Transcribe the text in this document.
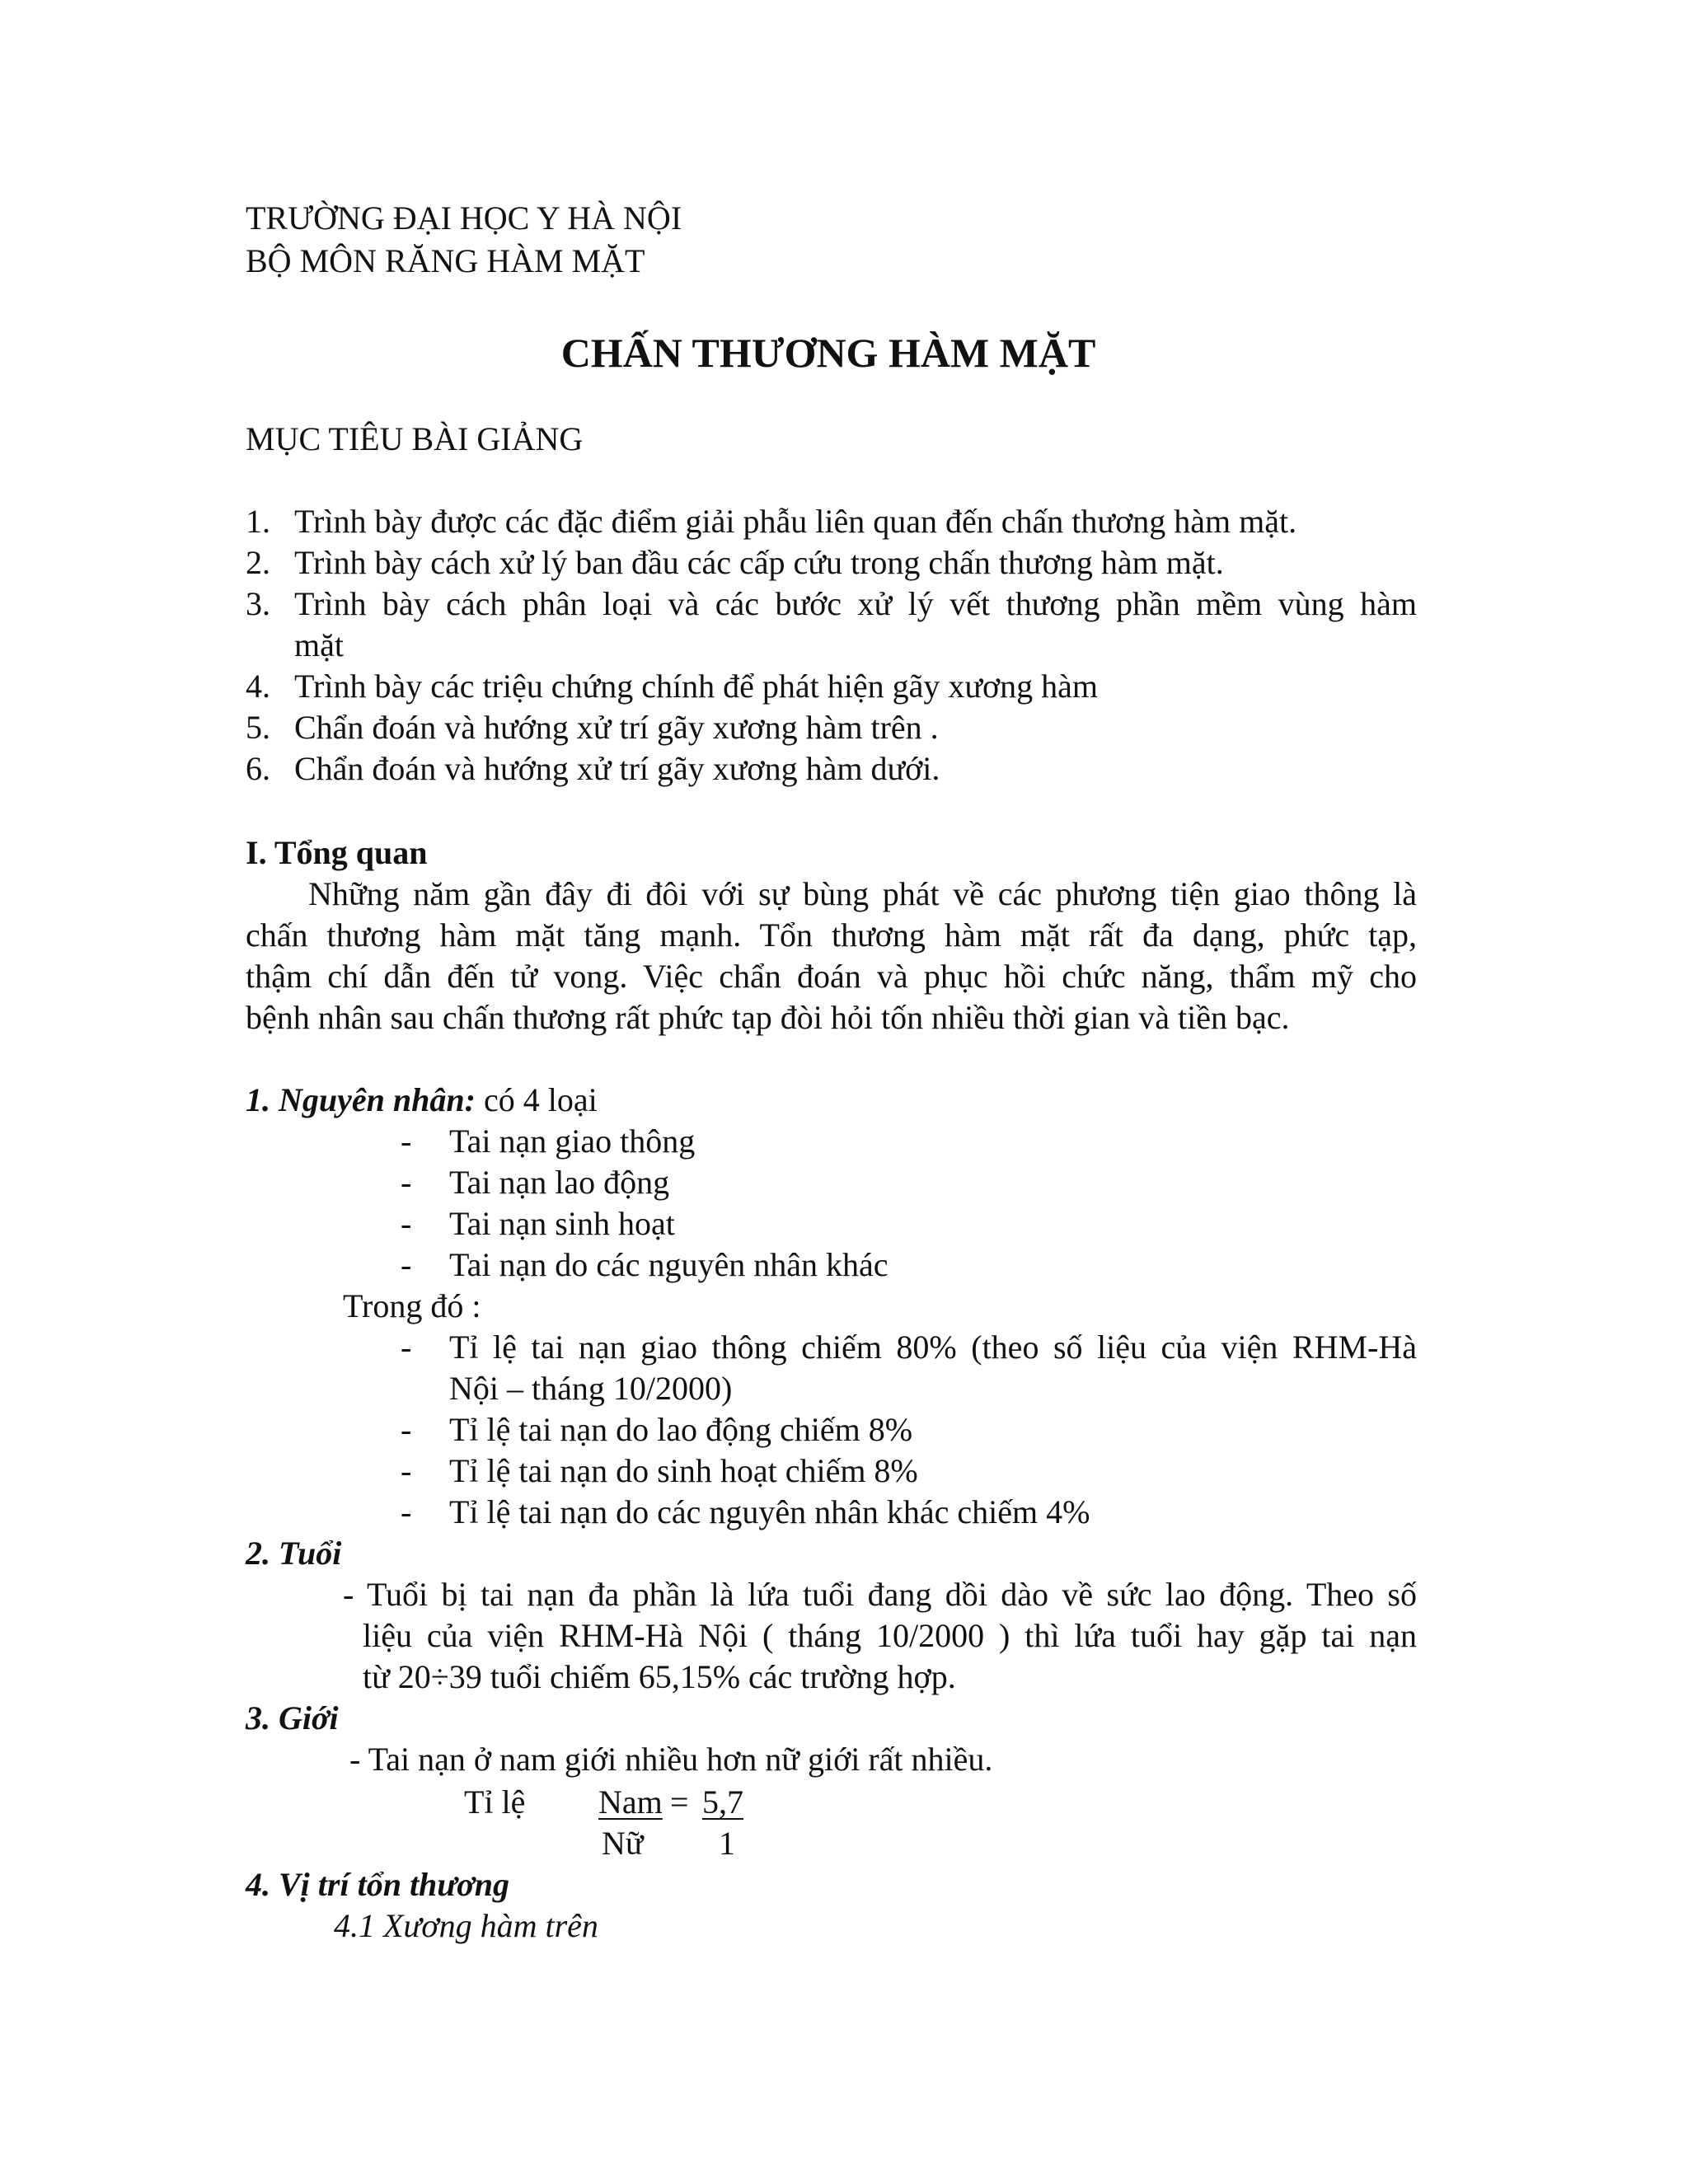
TRƯỜNG ĐẠI HỌC Y HÀ NỘI
BỘ MÔN RĂNG HÀM MẶT
CHẤN THƯƠNG HÀM MẶT
MỤC TIÊU BÀI GIẢNG
1. Trình bày được các đặc điểm giải phẫu liên quan đến chấn thương hàm mặt.
2. Trình bày cách xử lý ban đầu các cấp cứu trong chấn thương hàm mặt.
3. Trình bày cách phân loại và các bước xử lý vết thương phần mềm vùng hàm
mặt
4. Trình bày các triệu chứng chính để phát hiện gãy xương hàm
5. Chẩn đoán và hướng xử trí gãy xương hàm trên .
6. Chẩn đoán và hướng xử trí gãy xương hàm dưới.
I. Tổng quan
Những năm gần đây đi đôi với sự bùng phát về các phương tiện giao thông là
chấn thương hàm mặt tăng mạnh. Tổn thương hàm mặt rất đa dạng, phức tạp,
thậm chí dẫn đến tử vong. Việc chẩn đoán và phục hồi chức năng, thẩm mỹ cho
bệnh nhân sau chấn thương rất phức tạp đòi hỏi tốn nhiều thời gian và tiền bạc.
1. Nguyên nhân: có 4 loại
- Tai nạn giao thông
- Tai nạn lao động
- Tai nạn sinh hoạt
- Tai nạn do các nguyên nhân khác
Trong đó :
- Tỉ lệ tai nạn giao thông chiếm 80% (theo số liệu của viện RHM-Hà
Nội – tháng 10/2000)
- Tỉ lệ tai nạn do lao động chiếm 8%
- Tỉ lệ tai nạn do sinh hoạt chiếm 8%
- Tỉ lệ tai nạn do các nguyên nhân khác chiếm 4%
2. Tuổi
- Tuổi bị tai nạn đa phần là lứa tuổi đang dồi dào về sức lao động. Theo số
liệu của viện RHM-Hà Nội ( tháng 10/2000 ) thì lứa tuổi hay gặp tai nạn
từ 20÷39 tuổi chiếm 65,15% các trường hợp.
3. Giới
- Tai nạn ở nam giới nhiều hơn nữ giới rất nhiều.
Tỉ lệ Nam = 5,7
Nữ 1
4. Vị trí tổn thương
4.1 Xương hàm trên
